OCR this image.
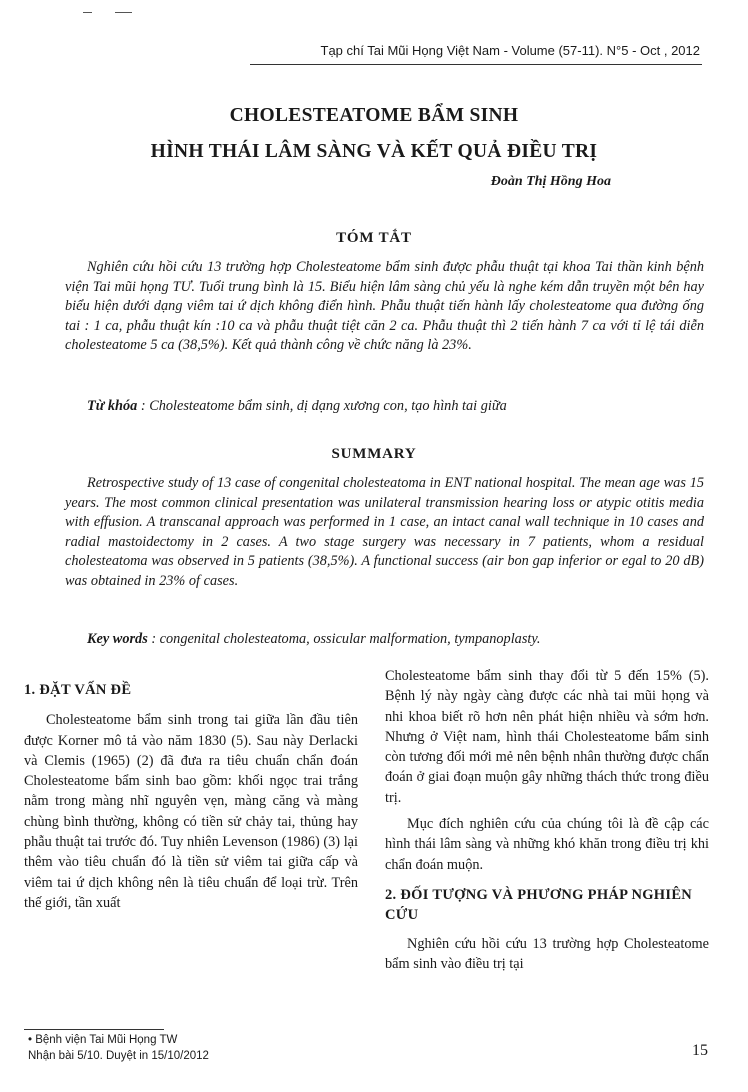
Tạp chí Tai Mũi Họng Việt Nam - Volume (57-11). N°5 - Oct , 2012
CHOLESTEATOME BẨM SINH
HÌNH THÁI LÂM SÀNG VÀ KẾT QUẢ ĐIỀU TRỊ
Đoàn Thị Hồng Hoa
TÓM TẮT

Nghiên cứu hồi cứu 13 trường hợp Cholesteatome bẩm sinh được phẫu thuật tại khoa Tai thần kinh bệnh viện Tai mũi họng TƯ. Tuổi trung bình là 15. Biểu hiện lâm sàng chủ yếu là nghe kém dẫn truyền một bên hay biểu hiện dưới dạng viêm tai ứ dịch không điển hình. Phẫu thuật tiến hành lấy cholesteatome qua đường ống tai : 1 ca, phẫu thuật kín :10 ca và phẫu thuật tiệt căn 2 ca. Phẫu thuật thì 2 tiến hành 7 ca với tỉ lệ tái diễn cholesteatome 5 ca (38,5%). Kết quả thành công về chức năng là 23%.

Từ khóa : Cholesteatome bẩm sinh, dị dạng xương con, tạo hình tai giữa

SUMMARY

Retrospective study of 13 case of congenital cholesteatoma in ENT national hospital. The mean age was 15 years. The most common clinical presentation was unilateral transmission hearing loss or atypic otitis media with effusion. A transcanal approach was performed in 1 case, an intact canal wall technique in 10 cases and radial mastoidectomy in 2 cases. A two stage surgery was necessary in 7 patients, whom a residual cholesteatoma was observed in 5 patients (38,5%). A functional success (air bon gap inferior or egal to 20 dB) was obtained in 23% of cases.

Key words : congenital cholesteatoma, ossicular malformation, tympanoplasty.

1. ĐẶT VẤN ĐỀ

Cholesteatome bẩm sinh trong tai giữa lần đầu tiên được Korner mô tả vào năm 1830 (5). Sau này Derlacki và Clemis (1965) (2) đã đưa ra tiêu chuẩn chẩn đoán Cholesteatome bẩm sinh bao gồm: khối ngọc trai trắng nằm trong màng nhĩ nguyên vẹn, màng căng và màng chùng bình thường, không có tiền sử chảy tai, thủng hay phẫu thuật tai trước đó. Tuy nhiên Levenson (1986) (3) lại thêm vào tiêu chuẩn đó là tiền sử viêm tai giữa cấp và viêm tai ứ dịch không nên là tiêu chuẩn để loại trừ. Trên thế giới, tần xuất

Cholesteatome bẩm sinh thay đổi từ 5 đến 15% (5). Bệnh lý này ngày càng được các nhà tai mũi họng và nhi khoa biết rõ hơn nên phát hiện nhiều và sớm hơn. Nhưng ở Việt nam, hình thái Cholesteatome bẩm sinh còn tương đối mới mẻ nên bệnh nhân thường được chẩn đoán ở giai đoạn muộn gây những thách thức trong điều trị.

Mục đích nghiên cứu của chúng tôi là đề cập các hình thái lâm sàng và những khó khăn trong điều trị khi chẩn đoán muộn.

2. ĐỐI TƯỢNG VÀ PHƯƠNG PHÁP NGHIÊN CỨU

Nghiên cứu hồi cứu 13 trường hợp Cholesteatome bẩm sinh vào điều trị tại

• Bệnh viện Tai Mũi Họng TW
Nhận bài 5/10. Duyệt in 15/10/2012	15
